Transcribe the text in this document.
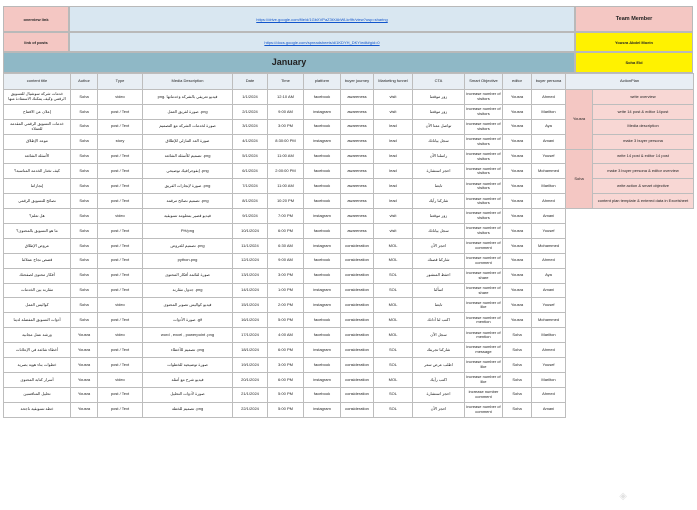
overview link	https://drive.google.com/file/d/1GbXVPaZ3tXAbWLkr9fr/view?usp=sharing	Team Member
link of posts	https://docs.google.com/spreadsheets/d/1KDYH_DKY/edit#gid=0	Yousra Abdel Moein
January	Soha Eid
content title	Author	Type	Media Description	Date	Time	platform	buyer journey	Marketing funnel	CTA	Smart Objective	editor	buyer persona	ActionPlan	
خدمات شركة سوشيال للتسويق الرقمي وكيف يمكنك الاستفادة منها	Soha	video	فيديو تعريفي بالشركة وخدماتها .png	1/1/2024	12:10 AM	facebook	awareness	visit	زور موقعنا	increase number of visitors	Yousra	Ahmed	Yousra	write overview
إعلان عن الافتتاح	Soha	post / Text	صورة لفريق العمل .png	2/1/2024	9:00 AM	instagram	awareness	visit	زور موقعنا	increase number of visitors	Yousra	Marilton		write 14 post & editor 14post
خدمات التسويق الرقمي المقدمة للعملاء	Soha	post / Text	صورة لخدمات الشركة مع التصميم	3/1/2024	3:00 PM	facebook	awareness	lead	تواصل معنا الآن	increase number of visitors	Yousra	Aya		Media description
موعد الإطلاق	Soha	story	صورة العد التنازلي للإطلاق	4/1/2024	8:30:00 PM	instagram	awareness	lead	سجل بياناتك	increase number of visitors	Yousra	Amani		make 3 buyer persona
الأسئلة الشائعة	Soha	post / Text	تصميم للأسئلة الشائعة .png	5/1/2024	11:00 AM	facebook	awareness	lead	راسلنا الآن	increase number of visitors	Yousra	Yousef	Soha	write 14 post & editor 14 post
كيف تختار الخدمة المناسبة؟	Soha	post / Text	إنفوجرافيك توضيحي .png	6/1/2024	2:00:00 PM	facebook	awareness	lead	احجز استشارة	increase number of visitors	Yousra	Mohammed		make 3 buyer persona & editor overview
إنجازاتنا	Soha	post / Text	صورة لإنجازات الفريق .png	7/1/2024	11:00 AM	facebook	awareness	lead	تابعنا	increase number of visitors	Yousra	Marilton		write action & smart objective
نصائح للتسويق الرقمي	Soha	post / Text	تصميم نصائح مرقمة .png	8/1/2024	10:20 PM	facebook	awareness	lead	شاركنا رأيك	increase number of visitors	Yousra	Ahmed		content plan template & entered data in Excelsheet
هل تعلم؟	Soha	video	فيديو قصير بمعلومة تسويقية	9/1/2024	7:00 PM	instagram	awareness	visit	زور موقعنا	increase number of visitors	Yousra	Amani		
ما هو التسويق بالمحتوى؟	Soha	post / Text	PH/png	10/1/2024	6:00 PM	facebook	awareness	visit	سجل بياناتك	increase number of visitors	Yousra	Yousef		
عروض الإطلاق	Soha	post / Text	تصميم للعروض .png	11/1/2024	6:30 AM	instagram	consideration	MOL	احجز الآن	increase number of comment	Yousra	Mohammed		
قصص نجاح عملائنا	Soha	post / Text	python.png	12/1/2024	9:00 AM	facebook	consideration	MOL	شاركنا قصتك	increase number of comment	Yousra	Ahmed		
أفكار محتوى لصفحتك	Soha	post / Text	صورة لقائمة أفكار المحتوى	13/1/2024	3:00 PM	facebook	consideration	SOL	احفظ المنشور	increase number of share	Yousra	Aya		
مقارنة بين الخدمات	Soha	post / Text	جدول مقارنة .png	14/1/2024	1:00 PM	instagram	consideration	SOL	اسألنا	increase number of share	Yousra	Amani		
كواليس العمل	Soha	video	فيديو كواليس تصوير المحتوى	15/1/2024	2:00 PM	instagram	consideration	MOL	تابعنا	increase number of like	Yousra	Yousef		
أدوات التسويق المفضلة لدينا	Soha	post / Text	صورة الأدوات .gif	16/1/2024	5:00 PM	facebook	consideration	MOL	اكتب لنا أداتك	increase number of mention	Yousra	Mohammed		
ورشة عمل مجانية	Yousra	video	word , excel , powerpoint .png	17/1/2024	4:00 AM	facebook	consideration	MOL	سجل الآن	increase number of mention	Soha	Marilton		
أخطاء شائعة في الإعلانات	Yousra	post / Text	تصميم للأخطاء .png	18/1/2024	6:00 PM	instagram	consideration	SOL	شاركنا تجربتك	increase number of message	Soha	Ahmed		
خطوات بناء هوية بصرية	Yousra	post / Text	صورة توضيحية للخطوات	19/1/2024	3:00 PM	facebook	consideration	SOL	اطلب عرض سعر	increase number of like	Soha	Yousef		
أسرار كتابة المحتوى	Yousra	video	فيديو شرح مع أمثلة	20/1/2024	6:00 PM	instagram	consideration	MOL	اكتب رأيك	increase number of like	Soha	Marilton		
تحليل المنافسين	Yousra	post / Text	صورة لأدوات التحليل	21/1/2024	5:00 PM	facebook	consideration	SOL	احجز استشارة	increase number comment	Soha	Ahmed		
خطة تسويقية ناجحة	Yousra	post / Text	تصميم للخطة .png	22/1/2024	5:00 PM	instagram	consideration	SOL	احجز الآن	increase number of comment	Soha	Amani		
◈
